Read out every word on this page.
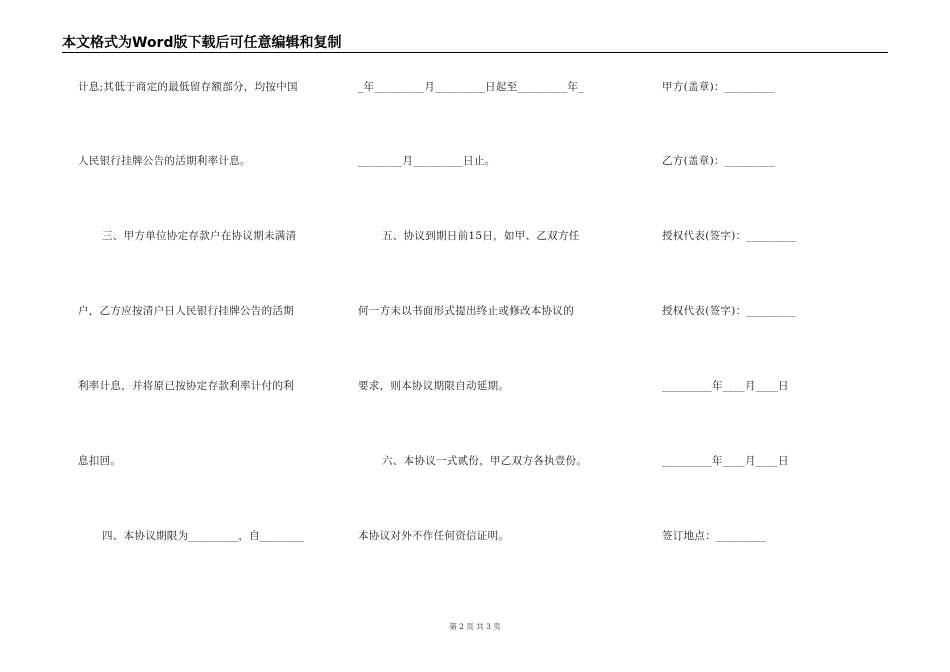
本文格式为Word版下载后可任意编辑和复制
计息;其低于商定的最低留存额部分，均按中国
人民银行挂牌公告的活期利率计息。
三、甲方单位协定存款户在协议期未满清
户，乙方应按清户日人民银行挂牌公告的活期
利率计息，并将原已按协定存款利率计付的利
息扣回。
四、本协议期限为_________，自________
_年_________月_________日起至_________年_
________月_________日止。
五、协议到期日前15日，如甲、乙双方任
何一方未以书面形式提出终止或修改本协议的
要求，则本协议期限自动延期。
六、本协议一式贰份，甲乙双方各执壹份。
本协议对外不作任何资信证明。
甲方(盖章)：_________
乙方(盖章)：_________
授权代表(签字)：_________
授权代表(签字)：_________
_________年____月____日
_________年____月____日
签订地点：_________
第 2 页 共 3 页
